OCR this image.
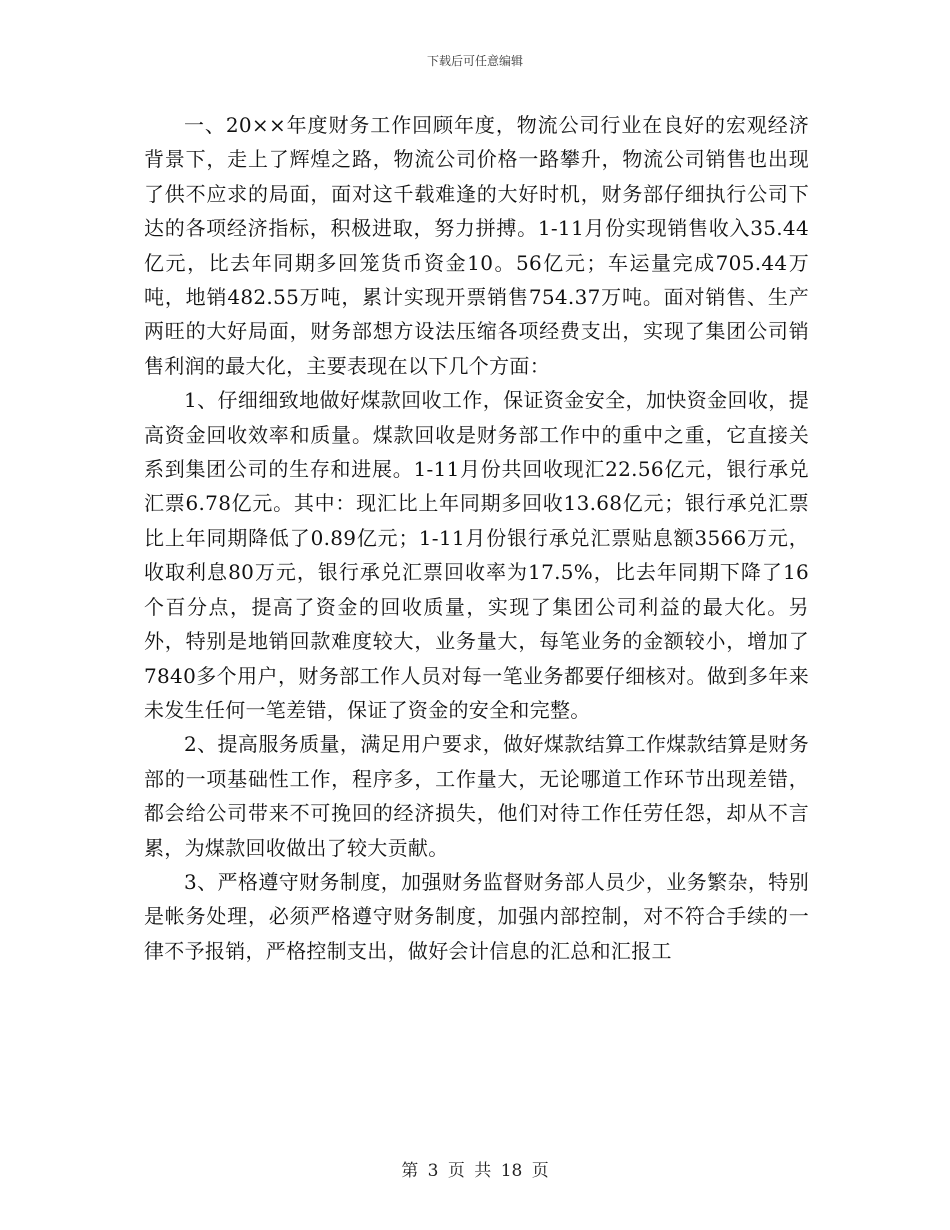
下载后可任意编辑

一、20××年度财务工作回顾年度，物流公司行业在良好的宏观经济背景下，走上了辉煌之路，物流公司价格一路攀升，物流公司销售也出现了供不应求的局面，面对这千载难逢的大好时机，财务部仔细执行公司下达的各项经济指标，积极进取，努力拼搏。1-11月份实现销售收入35.44亿元，比去年同期多回笼货币资金10。56亿元；车运量完成705.44万吨，地销482.55万吨，累计实现开票销售754.37万吨。面对销售、生产两旺的大好局面，财务部想方设法压缩各项经费支出，实现了集团公司销售利润的最大化，主要表现在以下几个方面：

1、仔细细致地做好煤款回收工作，保证资金安全，加快资金回收，提高资金回收效率和质量。煤款回收是财务部工作中的重中之重，它直接关系到集团公司的生存和进展。1-11月份共回收现汇22.56亿元，银行承兑汇票6.78亿元。其中：现汇比上年同期多回收13.68亿元；银行承兑汇票比上年同期降低了0.89亿元；1-11月份银行承兑汇票贴息额3566万元，收取利息80万元，银行承兑汇票回收率为17.5%，比去年同期下降了16个百分点，提高了资金的回收质量，实现了集团公司利益的最大化。另外，特别是地销回款难度较大，业务量大，每笔业务的金额较小，增加了7840多个用户，财务部工作人员对每一笔业务都要仔细核对。做到多年来未发生任何一笔差错，保证了资金的安全和完整。

2、提高服务质量，满足用户要求，做好煤款结算工作煤款结算是财务部的一项基础性工作，程序多，工作量大，无论哪道工作环节出现差错，都会给公司带来不可挽回的经济损失，他们对待工作任劳任怨，却从不言累，为煤款回收做出了较大贡献。

3、严格遵守财务制度，加强财务监督财务部人员少，业务繁杂，特别是帐务处理，必须严格遵守财务制度，加强内部控制，对不符合手续的一律不予报销，严格控制支出，做好会计信息的汇总和汇报工

第 3 页 共 18 页
